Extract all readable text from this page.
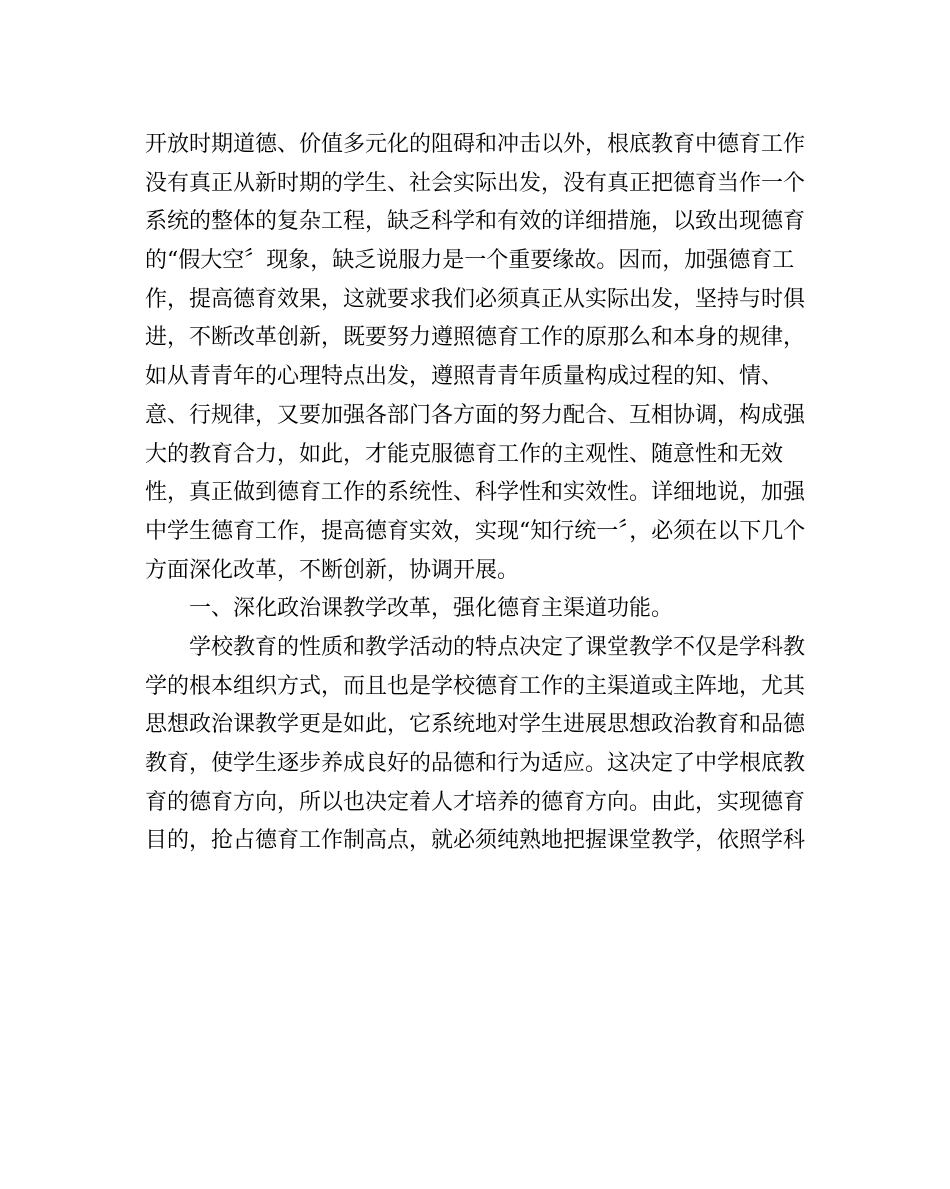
开放时期道德、价值多元化的阻碍和冲击以外，根底教育中德育工作
没有真正从新时期的学生、社会实际出发，没有真正把德育当作一个
系统的整体的复杂工程，缺乏科学和有效的详细措施，以致出现德育
的“假大空〞现象，缺乏说服力是一个重要缘故。因而，加强德育工
作，提高德育效果，这就要求我们必须真正从实际出发，坚持与时俱
进，不断改革创新，既要努力遵照德育工作的原那么和本身的规律，
如从青青年的心理特点出发，遵照青青年质量构成过程的知、情、
意、行规律，又要加强各部门各方面的努力配合、互相协调，构成强
大的教育合力，如此，才能克服德育工作的主观性、随意性和无效
性，真正做到德育工作的系统性、科学性和实效性。详细地说，加强
中学生德育工作，提高德育实效，实现“知行统一〞，必须在以下几个
方面深化改革，不断创新，协调开展。
一、深化政治课教学改革，强化德育主渠道功能。
学校教育的性质和教学活动的特点决定了课堂教学不仅是学科教
学的根本组织方式，而且也是学校德育工作的主渠道或主阵地，尤其
思想政治课教学更是如此，它系统地对学生进展思想政治教育和品德
教育，使学生逐步养成良好的品德和行为适应。这决定了中学根底教
育的德育方向，所以也决定着人才培养的德育方向。由此，实现德育
目的，抢占德育工作制高点，就必须纯熟地把握课堂教学，依照学科
